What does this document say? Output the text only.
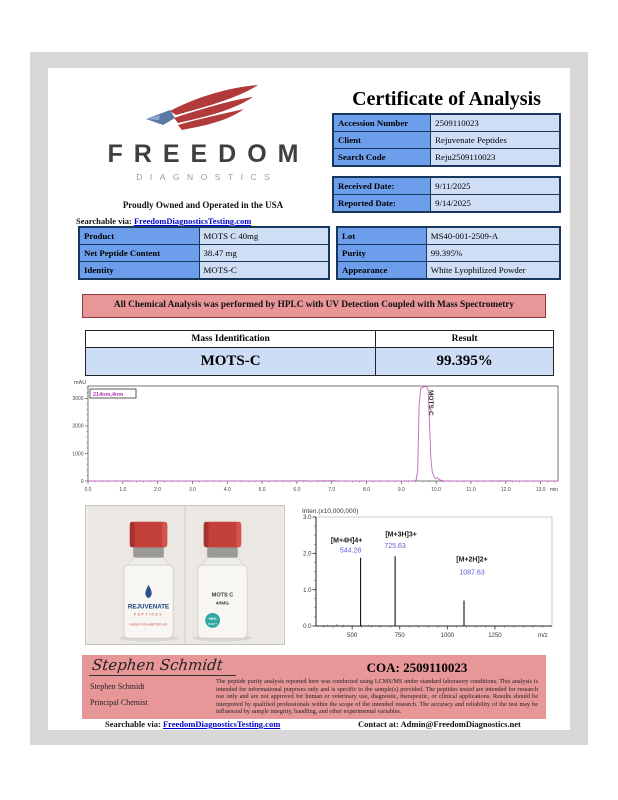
FREEDOM
DIAGNOSTICS
Proudly Owned and Operated in the USA
Searchable via: FreedomDiagnosticsTesting.com
Certificate of Analysis
Accession Number	2509110023
Client	Rejuvenate Peptides
Search Code	Reju2509110023
Received Date:	9/11/2025
Reported Date:	9/14/2025
Product	MOTS C 40mg
Net Peptide Content	38.47 mg
Identity	MOTS-C
Lot	MS40-001-2509-A
Purity	99.395%
Appearance	White Lyophilized Powder
All Chemical Analysis was performed by HPLC with UV Detection Coupled with Mass Spectrometry
Mass Identification	Result
MOTS-C	99.395%
mAU
0
1000
2000
3000
0.0	1.0	2.0	3.0	4.0	5.0	6.0	7.0	8.0	9.0	10.0	11.0	12.0	13.0 min
214nm,4nm	MOTS-C
REJUVENATE
PEPTIDES
PURSUIT FOR A BETTER LIFE
MOTS C
40MG
99%
PURITY
Inten.(x10,000,000)
0.0
1.0
2.0
3.0
500	750	1000	1250	m/z
[M+4H]4+
544.28
[M+3H]3+
725.63
[M+2H]2+
1087.63
Stephen Schmidt	COA: 2509110023
Stephen Schmidt
Principal Chemist
The peptide purity analysis reported here was conducted using LCMS/MS under standard laboratory conditions. This analysis is intended for informational purposes only and is specific to the sample(s) provided. The peptides tested are intended for research use only and are not approved for human or veterinary use, diagnostic, therapeutic, or clinical applications. Results should be interpreted by qualified professionals within the scope of the intended research. The accuracy and reliability of the test may be influenced by sample integrity, handling, and other experimental variables.
Searchable via: FreedomDiagnosticsTesting.com	Contact at: Admin@FreedomDiagnostics.net
